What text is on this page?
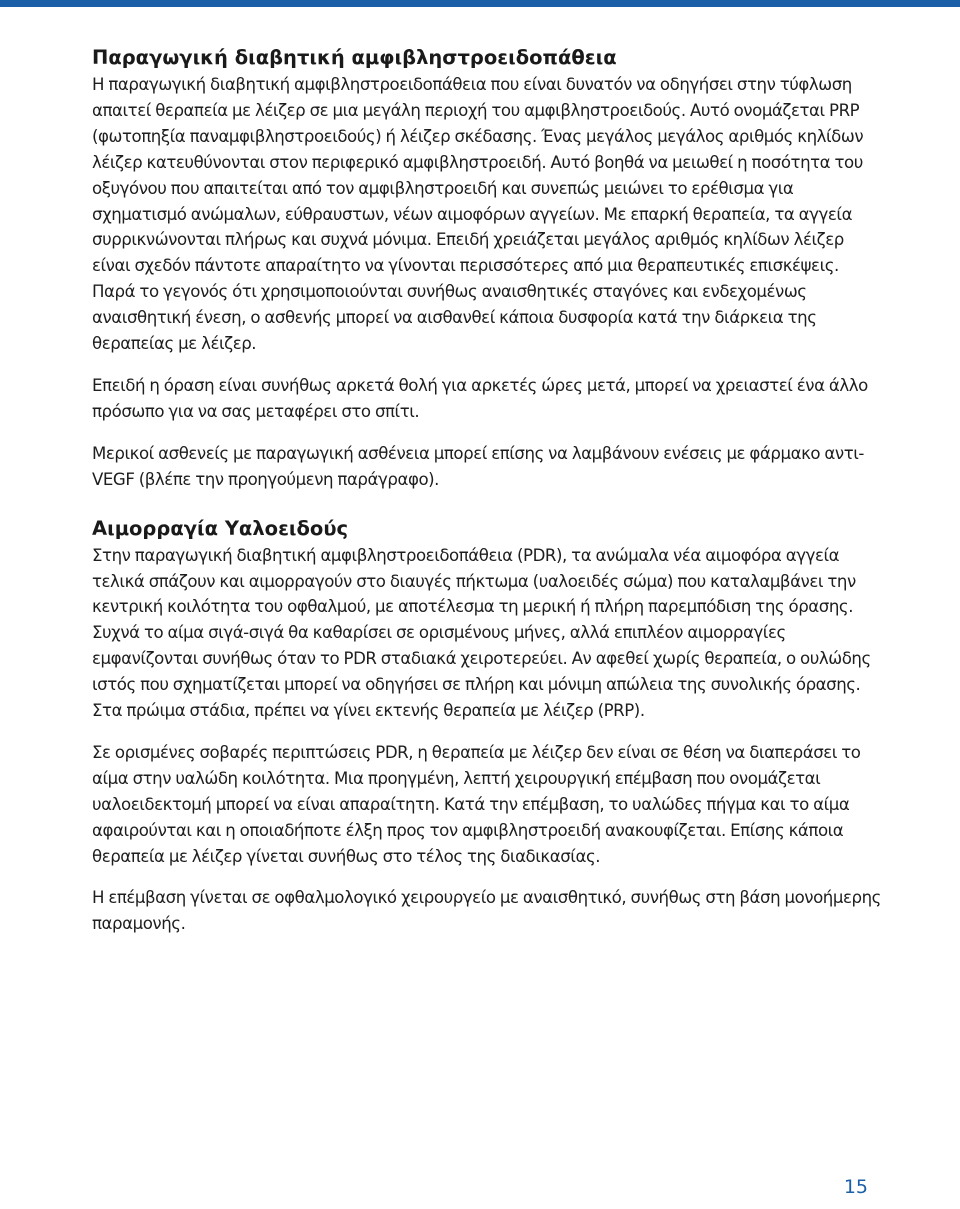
Παραγωγική διαβητική αμφιβληστροειδοπάθεια

Η παραγωγική διαβητική αμφιβληστροειδοπάθεια που είναι δυνατόν να οδηγήσει στην τύφλωση απαιτεί θεραπεία με λέιζερ σε μια μεγάλη περιοχή του αμφιβληστροειδούς. Αυτό ονομάζεται PRP (φωτοπηξία παναμφιβληστροειδούς) ή λέιζερ σκέδασης. Ένας μεγάλος μεγάλος αριθμός κηλίδων λέιζερ κατευθύνονται στον περιφερικό αμφιβληστροειδή. Αυτό βοηθά να μειωθεί η ποσότητα του οξυγόνου που απαιτείται από τον αμφιβληστροειδή και συνεπώς μειώνει το ερέθισμα για σχηματισμό ανώμαλων, εύθραυστων, νέων αιμοφόρων αγγείων. Με επαρκή θεραπεία, τα αγγεία συρρικνώνονται πλήρως και συχνά μόνιμα. Επειδή χρειάζεται μεγάλος αριθμός κηλίδων λέιζερ είναι σχεδόν πάντοτε απαραίτητο να γίνονται περισσότερες από μια θεραπευτικές επισκέψεις. Παρά το γεγονός ότι χρησιμοποιούνται συνήθως αναισθητικές σταγόνες και ενδεχομένως αναισθητική ένεση, ο ασθενής μπορεί να αισθανθεί κάποια δυσφορία κατά την διάρκεια της θεραπείας με λέιζερ.

Επειδή η όραση είναι συνήθως αρκετά θολή για αρκετές ώρες μετά, μπορεί να χρειαστεί ένα άλλο πρόσωπο για να σας μεταφέρει στο σπίτι.

Μερικοί ασθενείς με παραγωγική ασθένεια μπορεί επίσης να λαμβάνουν ενέσεις με φάρμακο αντι-VEGF (βλέπε την προηγούμενη παράγραφο).

Αιμορραγία Υαλοειδούς

Στην παραγωγική διαβητική αμφιβληστροειδοπάθεια (PDR), τα ανώμαλα νέα αιμοφόρα αγγεία τελικά σπάζουν και αιμορραγούν στο διαυγές πήκτωμα (υαλοειδές σώμα) που καταλαμβάνει την κεντρική κοιλότητα του οφθαλμού, με αποτέλεσμα τη μερική ή πλήρη παρεμπόδιση της όρασης. Συχνά το αίμα σιγά-σιγά θα καθαρίσει σε ορισμένους μήνες, αλλά επιπλέον αιμορραγίες εμφανίζονται συνήθως όταν το PDR σταδιακά χειροτερεύει. Αν αφεθεί χωρίς θεραπεία, ο ουλώδης ιστός που σχηματίζεται μπορεί να οδηγήσει σε πλήρη και μόνιμη απώλεια της συνολικής όρασης. Στα πρώιμα στάδια, πρέπει να γίνει εκτενής θεραπεία με λέιζερ (PRP).

Σε ορισμένες σοβαρές περιπτώσεις PDR, η θεραπεία με λέιζερ δεν είναι σε θέση να διαπεράσει το αίμα στην υαλώδη κοιλότητα. Μια προηγμένη, λεπτή χειρουργική επέμβαση που ονομάζεται υαλοειδεκτομή μπορεί να είναι απαραίτητη. Κατά την επέμβαση, το υαλώδες πήγμα και το αίμα αφαιρούνται και η οποιαδήποτε έλξη προς τον αμφιβληστροειδή ανακουφίζεται. Επίσης κάποια θεραπεία με λέιζερ γίνεται συνήθως στο τέλος της διαδικασίας.

Η επέμβαση γίνεται σε οφθαλμολογικό χειρουργείο με αναισθητικό, συνήθως στη βάση μονοήμερης παραμονής.

15
